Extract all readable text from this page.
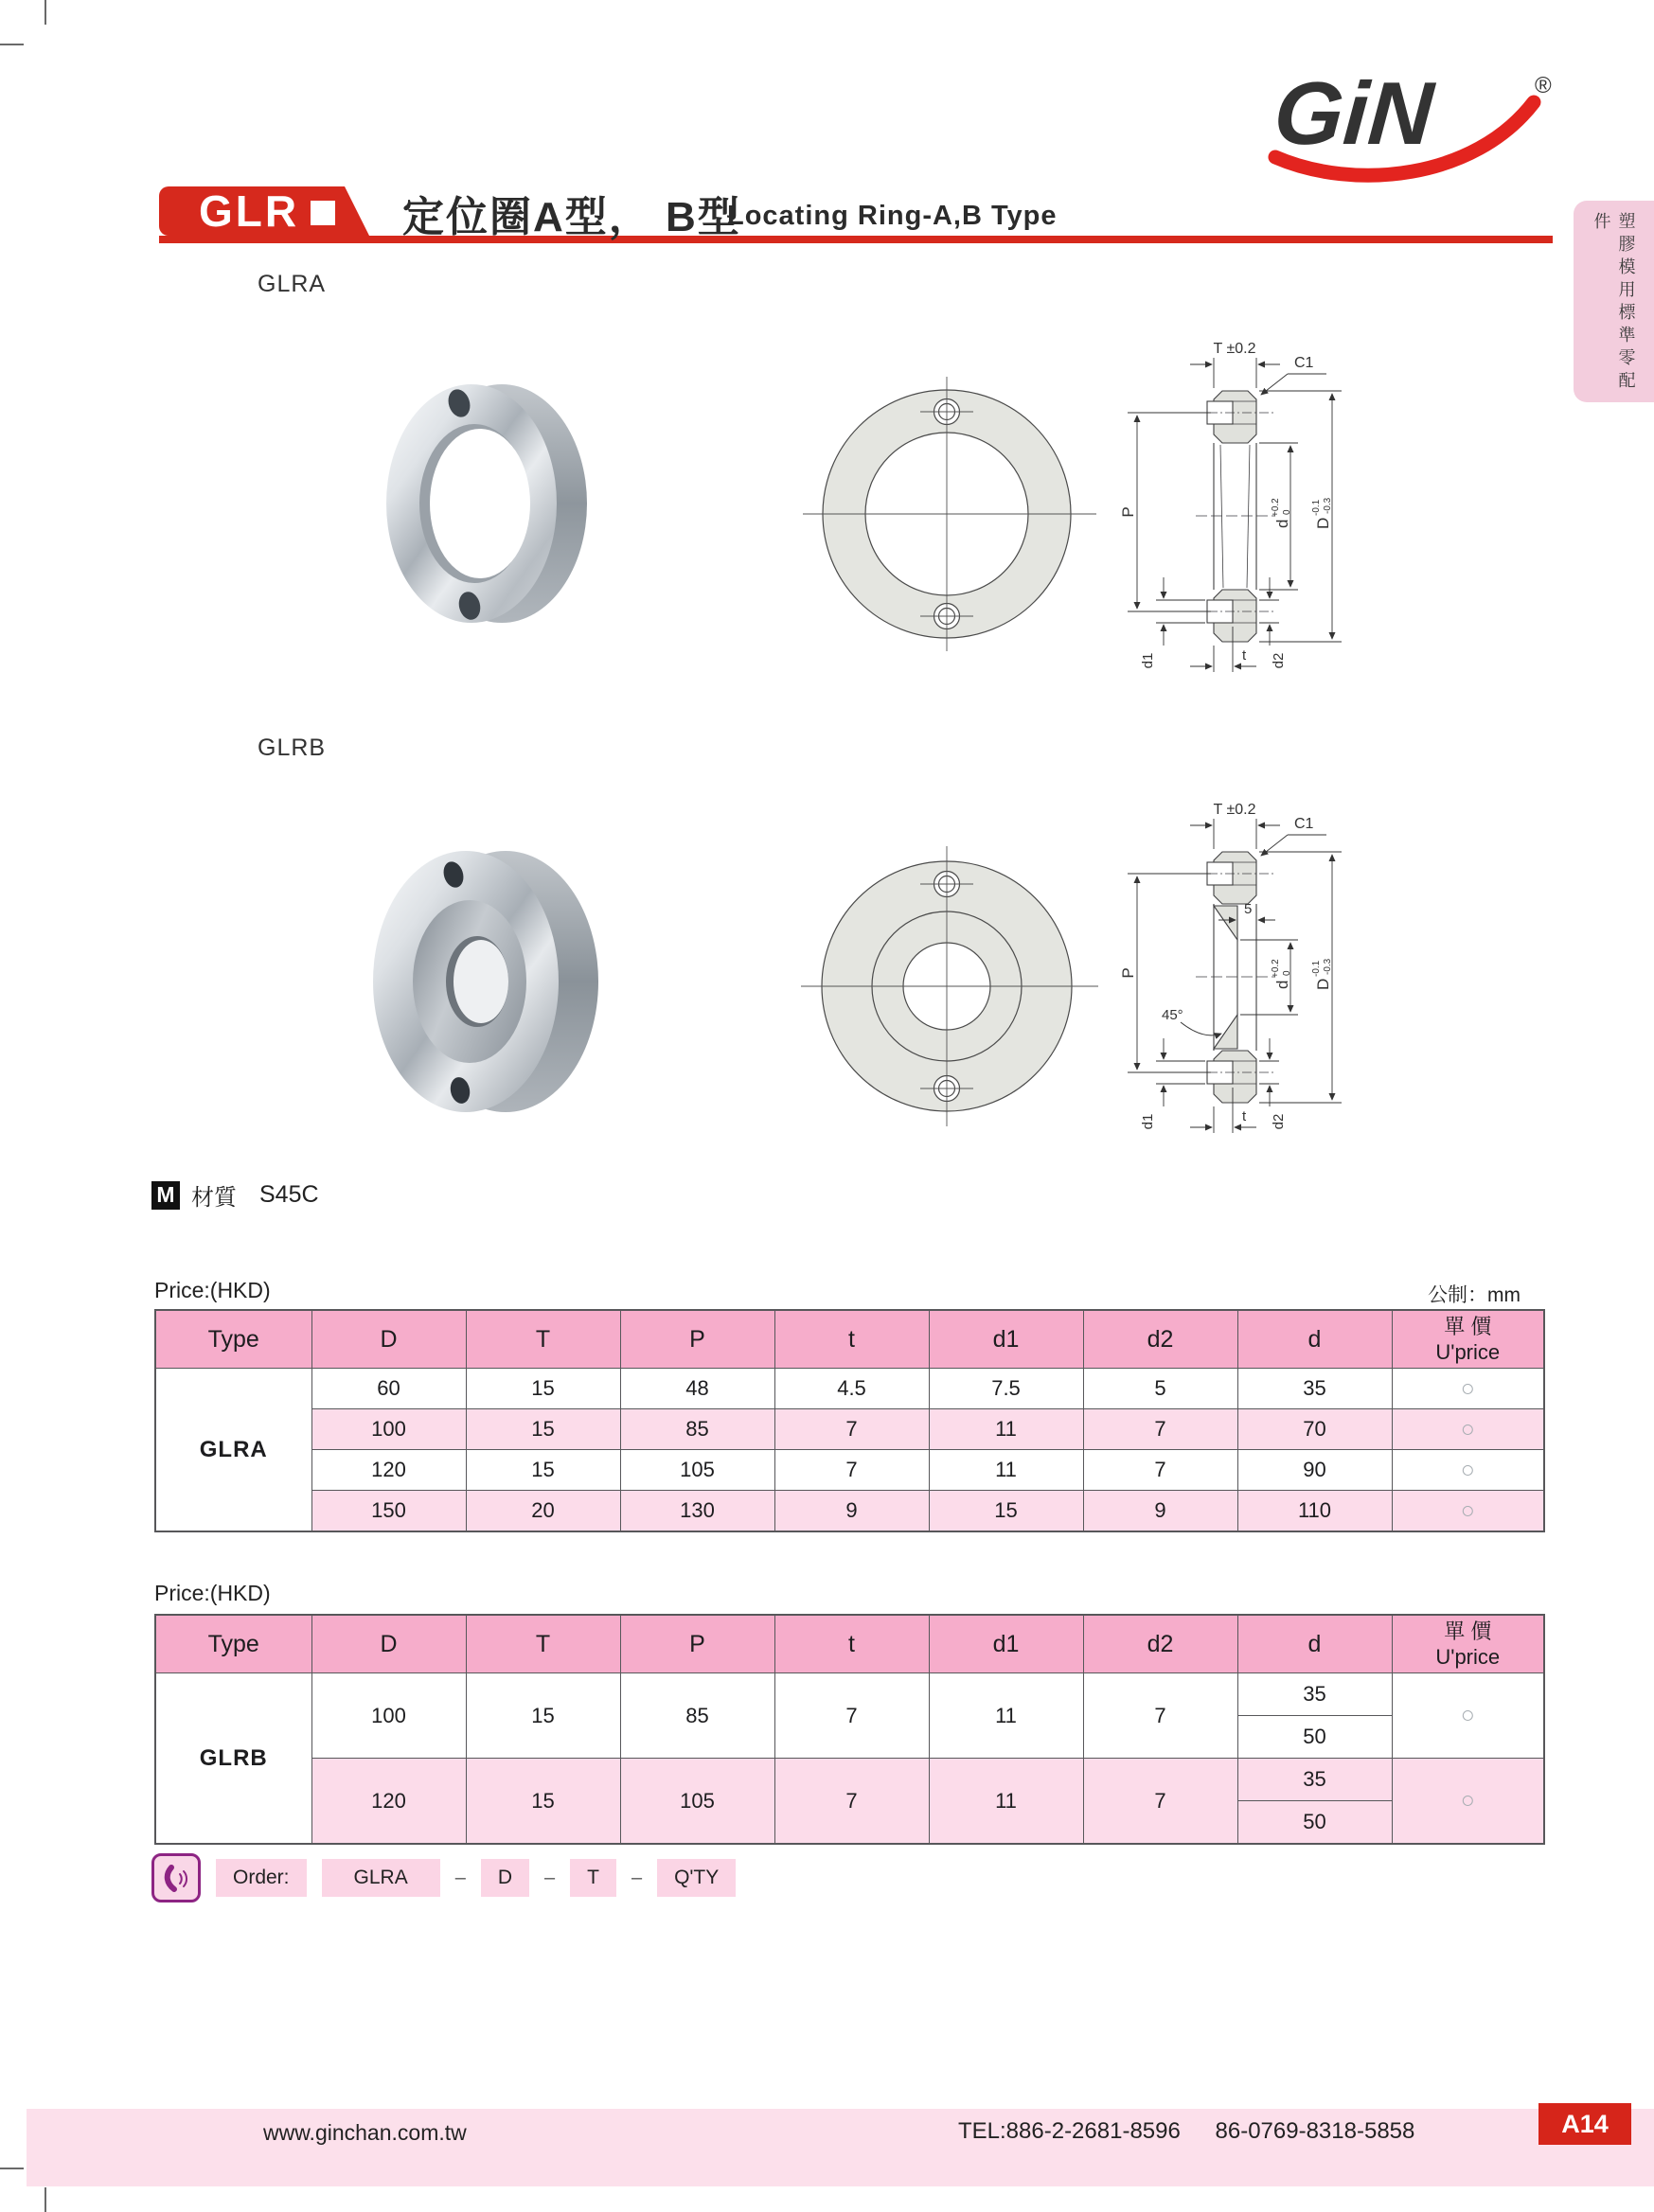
GiN	®
GLR 定位圈A型， B型
Locating Ring-A,B Type	塑膠模用標準零配件
GLRA
T ±0.2
C1
P
d
+0.2 0
D
-0.1 -0.3
d1	t d2
GLRB
T ±0.2
C1
5
45°
P
d
+0.2 0
D
-0.1 -0.3
d1	t d2
M 材質 S45C
Price:(HKD)	公制：mm
Type	D	T	P	t	d1	d2	d	單 價
U'price

GLRA	60	15	48	4.5	7.5	5	35	○
	100	15	85	7	11	7	70	○
	120	15	105	7	11	7	90	○
	150	20	130	9	15	9	110	○
Price:(HKD)
Type	D	T	P	t	d1	d2	d	單 價
U'price

GLRB	100	15	85	7	11	7	35	○
							50	
	120	15	105	7	11	7	35	○
							50	
Order:	GLRA	–	D	–	T	–	Q'TY
www.ginchan.com.tw	TEL:886-2-2681-8596 86-0769-8318-5858	A14
